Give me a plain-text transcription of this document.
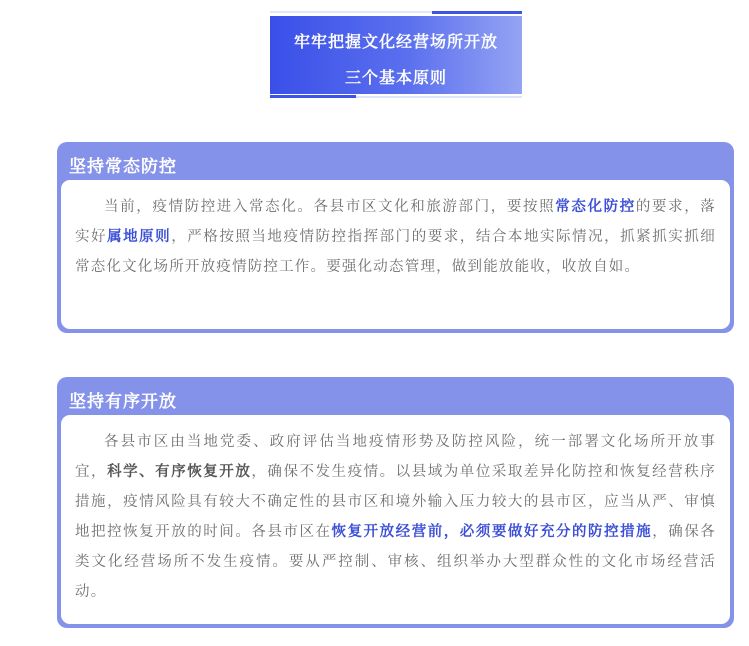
牢牢把握文化经营场所开放
三个基本原则
坚持常态防控

当前，疫情防控进入常态化。各县市区文化和旅游部门，要按照常态化防控的要求，落实好属地原则，严格按照当地疫情防控指挥部门的要求，结合本地实际情况，抓紧抓实抓细常态化文化场所开放疫情防控工作。要强化动态管理，做到能放能收，收放自如。

坚持有序开放

各县市区由当地党委、政府评估当地疫情形势及防控风险，统一部署文化场所开放事宜，科学、有序恢复开放，确保不发生疫情。以县域为单位采取差异化防控和恢复经营秩序措施，疫情风险具有较大不确定性的县市区和境外输入压力较大的县市区，应当从严、审慎地把控恢复开放的时间。各县市区在恢复开放经营前，必须要做好充分的防控措施，确保各类文化经营场所不发生疫情。要从严控制、审核、组织举办大型群众性的文化市场经营活动。
